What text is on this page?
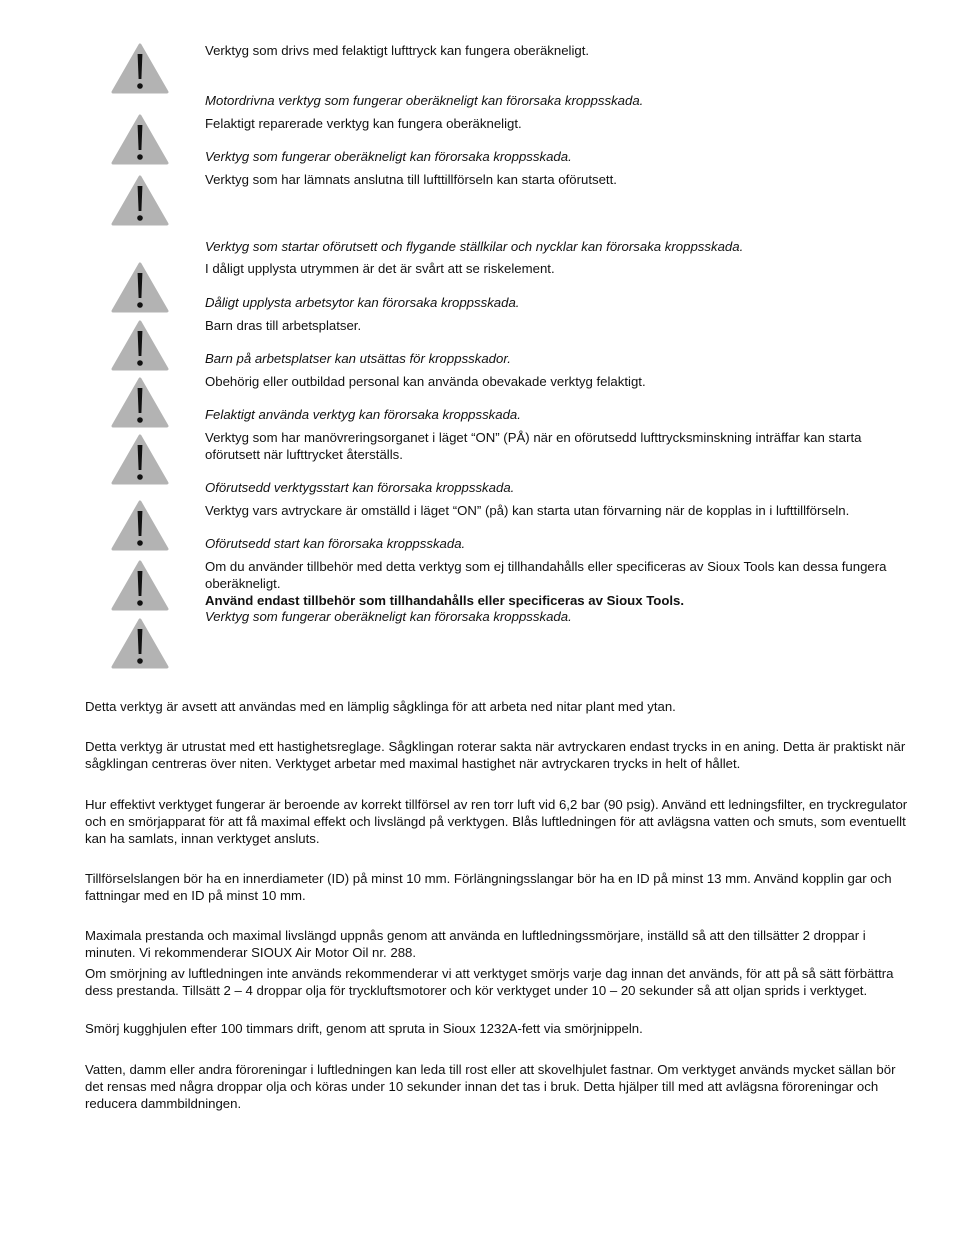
Verktyg som drivs med felaktigt lufttryck kan fungera oberäkneligt.

Motordrivna verktyg som fungerar oberäkneligt kan förorsaka kroppsskada.

Felaktigt reparerade verktyg kan fungera oberäkneligt.

Verktyg som fungerar oberäkneligt kan förorsaka kroppsskada.

Verktyg som har lämnats anslutna till lufttillförseln kan starta oförutsett.

Verktyg som startar oförutsett och flygande ställkilar och nycklar kan förorsaka kroppsskada.

I dåligt upplysta utrymmen är det är svårt att se riskelement.

Dåligt upplysta arbetsytor kan förorsaka kroppsskada.

Barn dras till arbetsplatser.

Barn på arbetsplatser kan utsättas för kroppsskador.

Obehörig eller outbildad personal kan använda obevakade verktyg felaktigt.

Felaktigt använda verktyg kan förorsaka kroppsskada.

Verktyg som har manövreringsorganet i läget “ON” (PÅ) när en oförutsedd lufttrycksminskning inträffar kan starta oförutsett när lufttrycket återställs.

Oförutsedd verktygsstart kan förorsaka kroppsskada.

Verktyg vars avtryckare är omställd i läget “ON” (på) kan starta utan förvarning när de kopplas in i lufttillförseln.

Oförutsedd start kan förorsaka kroppsskada.

Om du använder tillbehör med detta verktyg som ej tillhandahålls eller specificeras av Sioux Tools kan dessa fungera oberäkneligt.

Använd endast tillbehör som tillhandahålls eller specificeras av Sioux Tools.

Verktyg som fungerar oberäkneligt kan förorsaka kroppsskada.

Detta verktyg är avsett att användas med en lämplig sågklinga för att arbeta ned nitar plant med ytan.

Detta verktyg är utrustat med ett hastighetsreglage. Sågklingan roterar sakta när avtryckaren endast trycks in en aning. Detta är praktiskt när sågklingan centreras över niten. Verktyget arbetar med maximal hastighet när avtryckaren trycks in helt of hållet.

Hur effektivt verktyget fungerar är beroende av korrekt tillförsel av ren torr luft vid 6,2 bar (90 psig). Använd ett ledningsfilter, en tryckregulator och en smörjapparat för att få maximal effekt och livslängd på verktygen. Blås luftledningen för att avlägsna vatten och smuts, som eventuellt kan ha samlats, innan verktyget ansluts.

Tillförselslangen bör ha en innerdiameter (ID) på minst 10 mm. Förlängningsslangar bör ha en ID på minst 13 mm. Använd kopplin gar och fattningar med en ID på minst 10 mm.

Maximala prestanda och maximal livslängd uppnås genom att använda en luftledningssmörjare, inställd så att den tillsätter 2 droppar i minuten. Vi rekommenderar SIOUX Air Motor Oil nr. 288.

Om smörjning av luftledningen inte används rekommenderar vi att verktyget smörjs varje dag innan det används, för att på så sätt förbättra dess prestanda. Tillsätt 2 – 4 droppar olja för tryckluftsmotorer och kör verktyget under 10 – 20 sekunder så att oljan sprids i verktyget.

Smörj kugghjulen efter 100 timmars drift, genom att spruta in Sioux 1232A-fett via smörjnippeln.

Vatten, damm eller andra föroreningar i luftledningen kan leda till rost eller att skovelhjulet fastnar. Om verktyget används mycket sällan bör det rensas med några droppar olja och köras under 10 sekunder innan det tas i bruk. Detta hjälper till med att avlägsna föroreningar och reducera dammbildningen.
